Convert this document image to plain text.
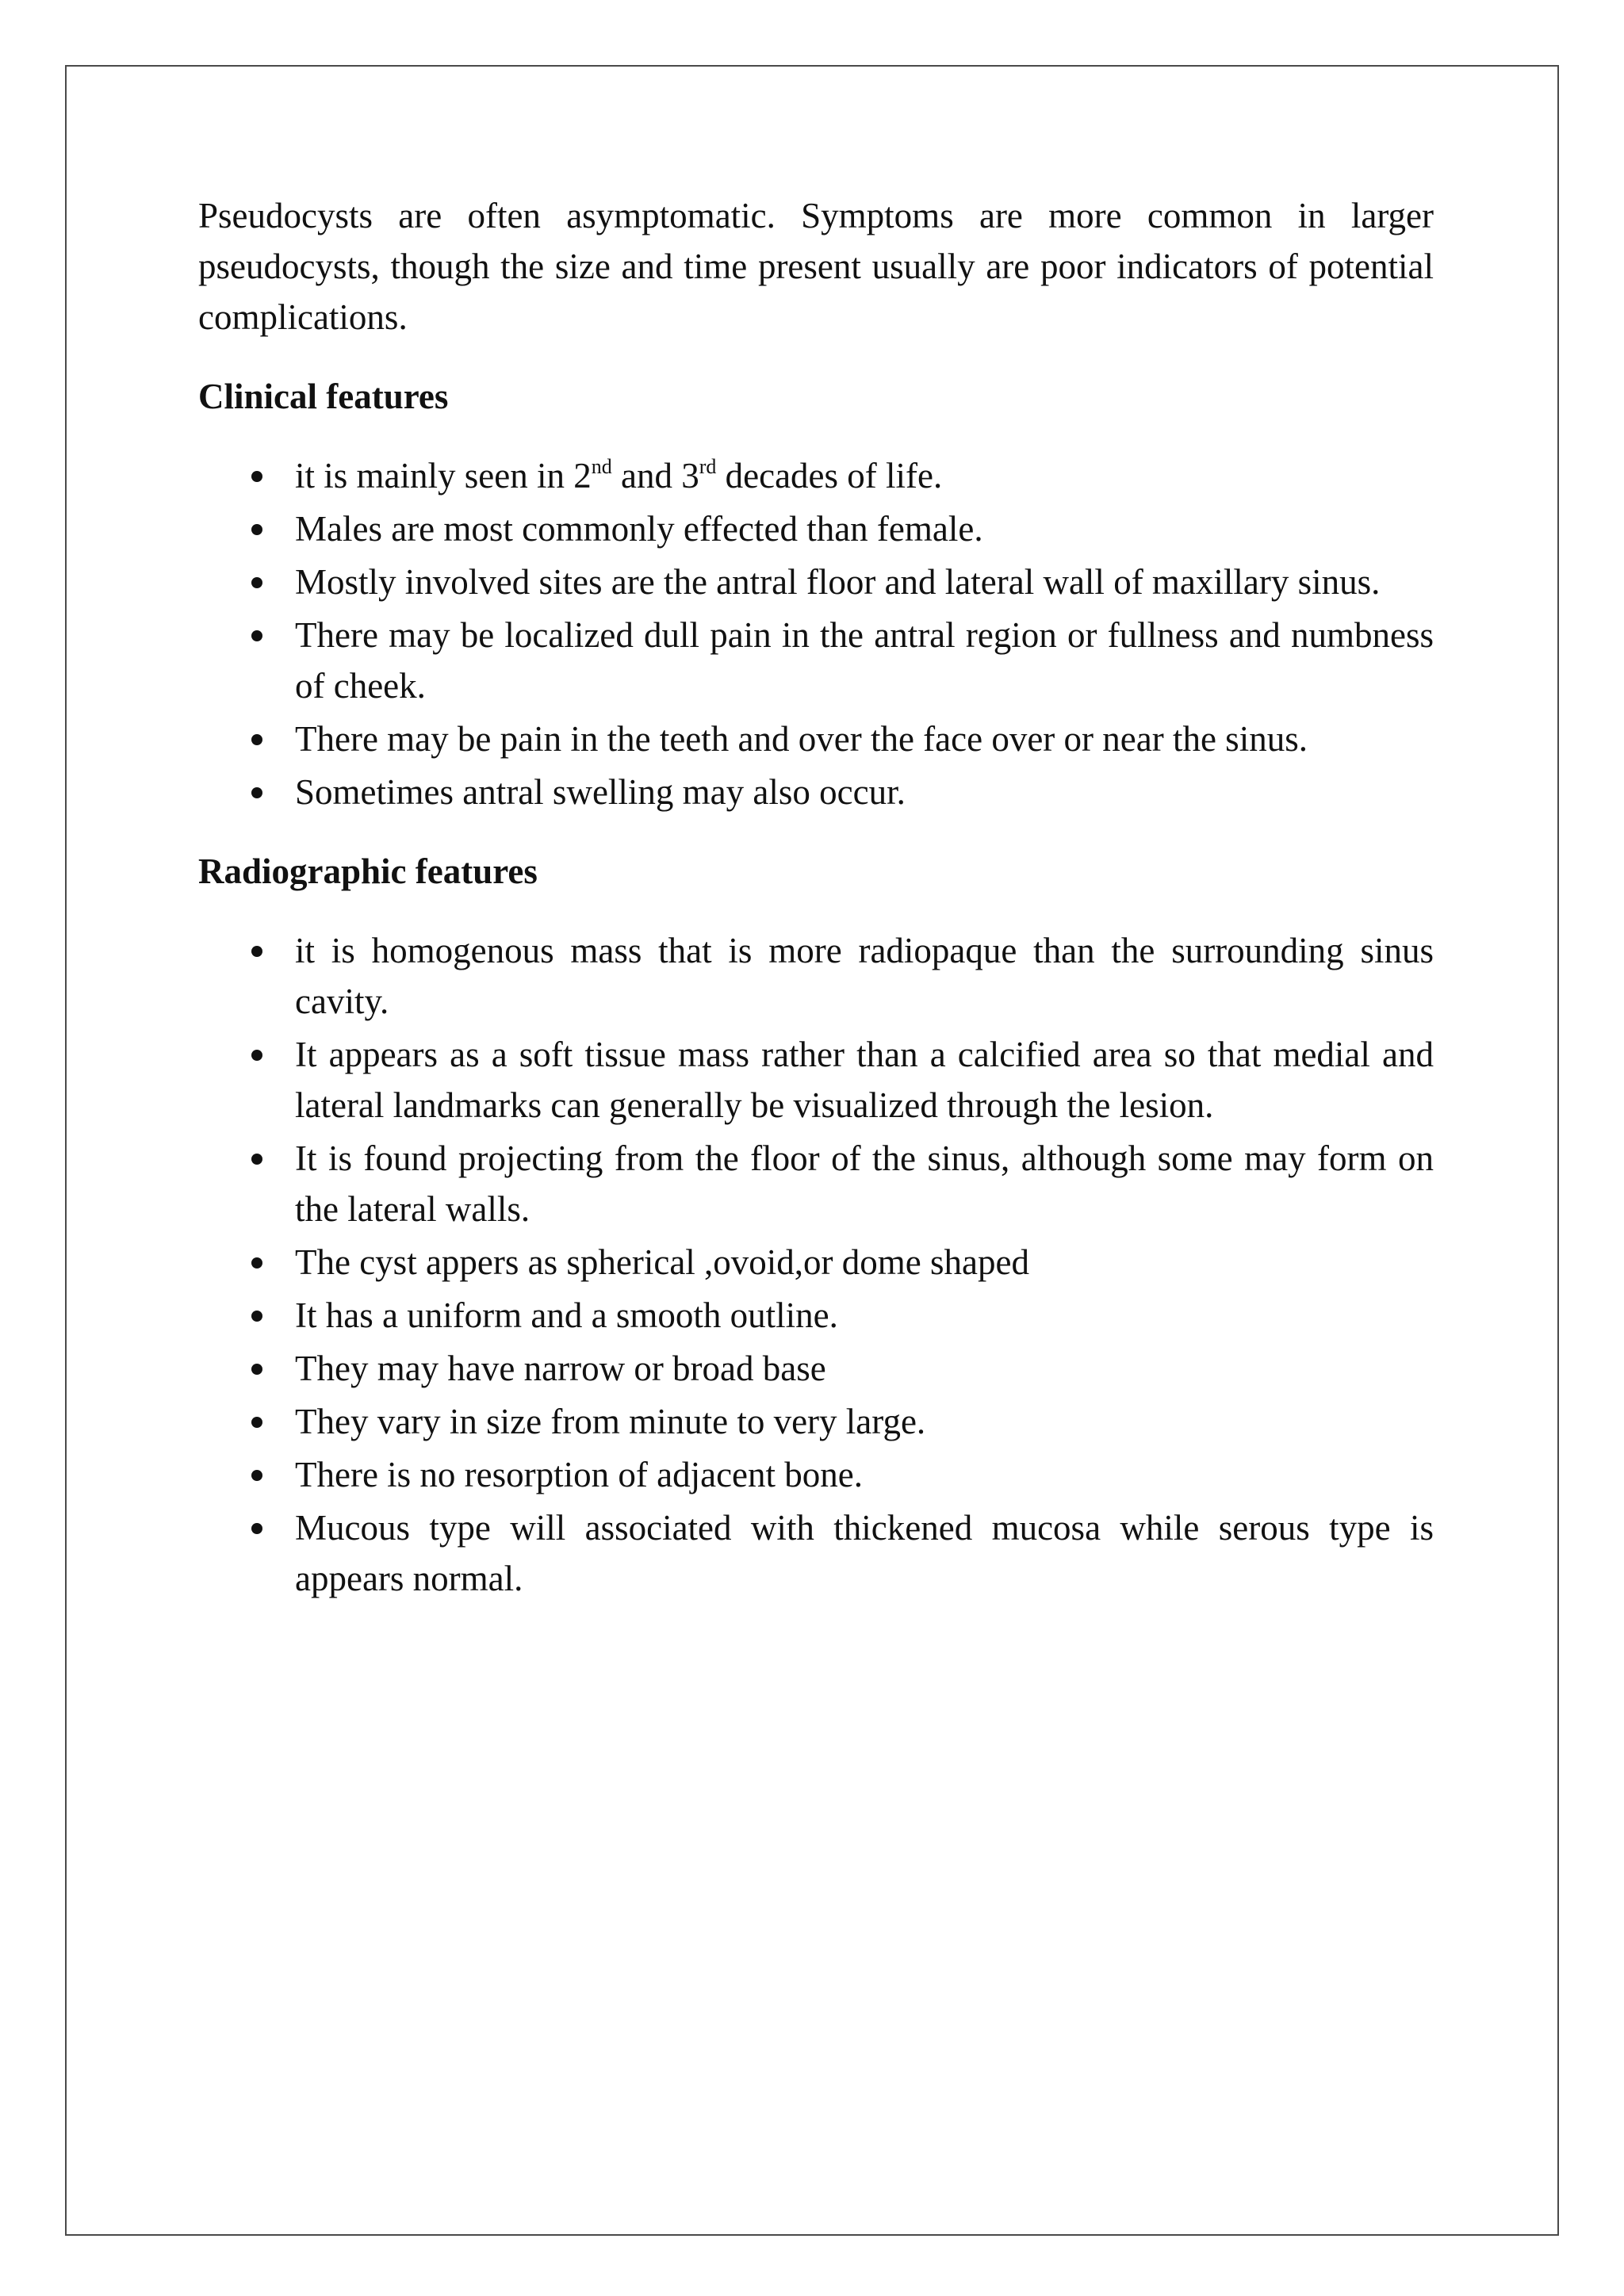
Pseudocysts are often asymptomatic. Symptoms are more common in larger pseudocysts, though the size and time present usually are poor indicators of potential complications.

Clinical features
it is mainly seen in 2nd and 3rd decades of life.
Males are most commonly effected than female.
Mostly involved sites are the antral floor and lateral wall of maxillary sinus.
There may be localized dull pain in the antral region or fullness and numbness of cheek.
There may be pain in the teeth and over the face over or near the sinus.
Sometimes antral swelling may also occur.
Radiographic features
it is homogenous mass that is more radiopaque than the surrounding sinus cavity.
It appears as a soft tissue mass rather than a calcified area so that medial and lateral landmarks can generally be visualized through the lesion.
It is found projecting from the floor of the sinus, although some may form on the lateral walls.
The cyst appers as spherical ,ovoid,or dome shaped
It has a uniform and a smooth outline.
They may have narrow or broad base
They vary in size from minute to very large.
There is no resorption of adjacent bone.
Mucous type will associated with thickened mucosa while serous type is appears normal.
